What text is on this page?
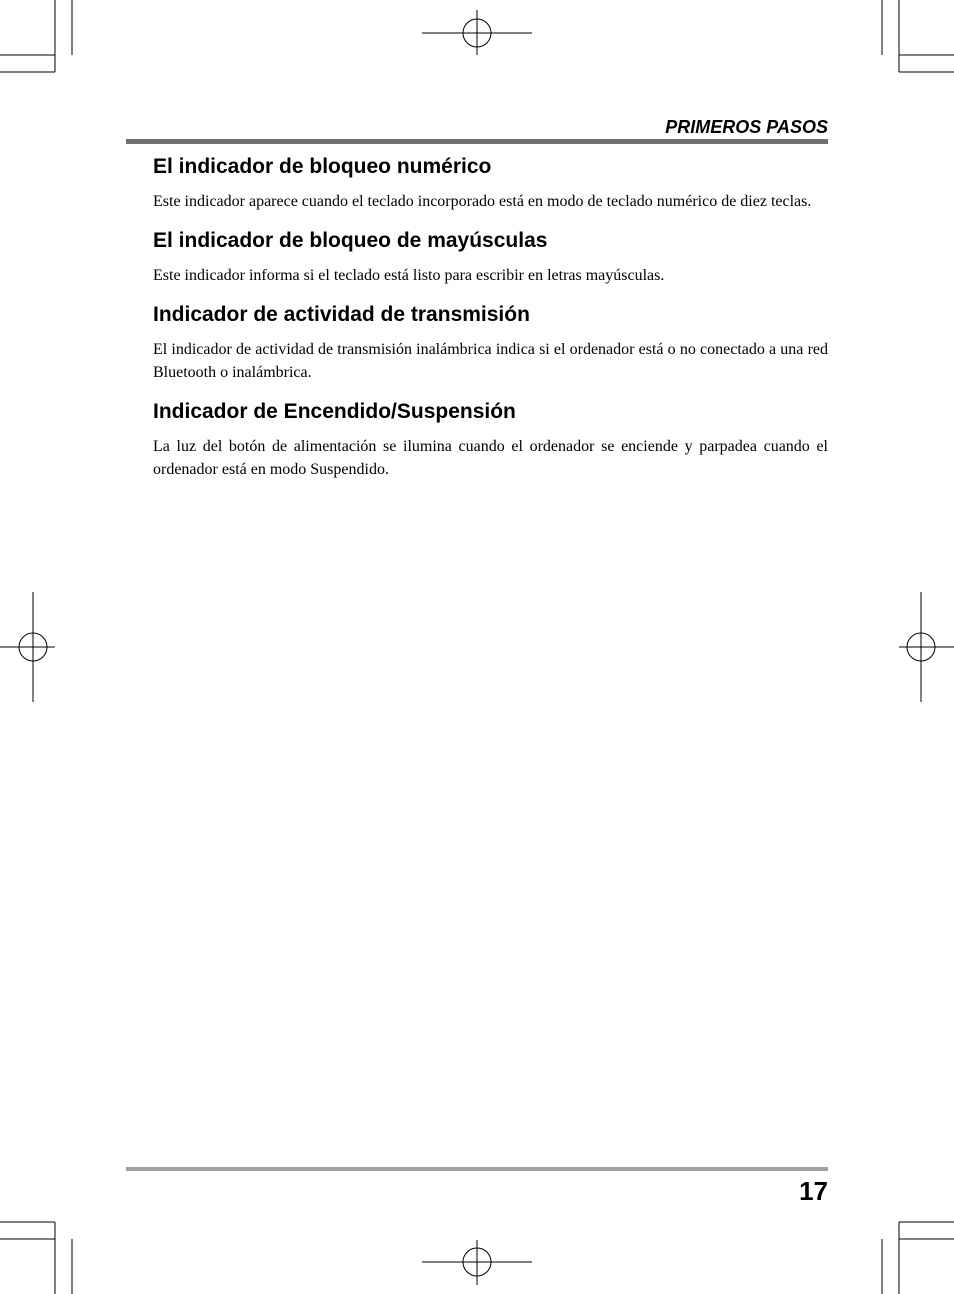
PRIMEROS PASOS
El indicador de bloqueo numérico

Este indicador aparece cuando el teclado incorporado está en modo de teclado numérico de diez teclas.

El indicador de bloqueo de mayúsculas

Este indicador informa si el teclado está listo para escribir en letras mayúsculas.

Indicador de actividad de transmisión

El indicador de actividad de transmisión inalámbrica indica si el ordenador está o no conectado a una red Bluetooth o inalámbrica.

Indicador de Encendido/Suspensión

La luz del botón de alimentación se ilumina cuando el ordenador se enciende y parpadea cuando el ordenador está en modo Suspendido.

17
